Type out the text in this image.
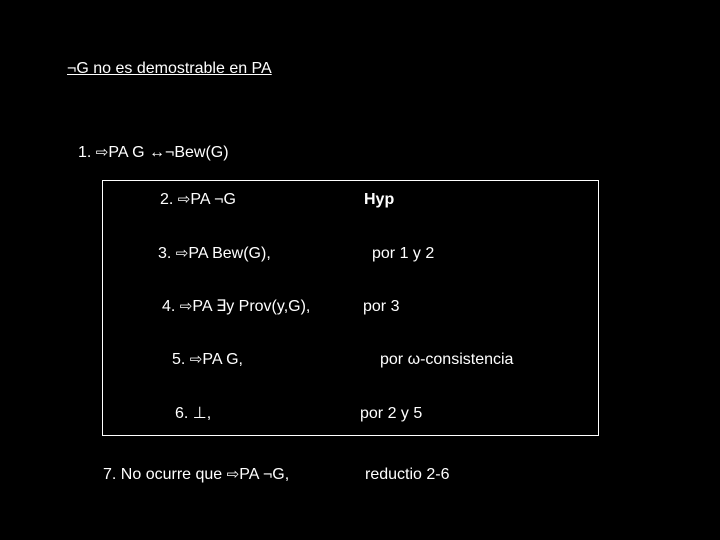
¬G no es demostrable en PA
1. ⇨PA G ↔¬Bew(G)
2. ⇨PA ¬G	Hyp
3. ⇨PA Bew(G),	por 1 y 2
4. ⇨PA ∃y Prov(y,G),	por 3
5. ⇨PA G,	por ω-consistencia
6. ⊥,	por 2 y 5
7. No ocurre que ⇨PA ¬G,	reductio 2-6
